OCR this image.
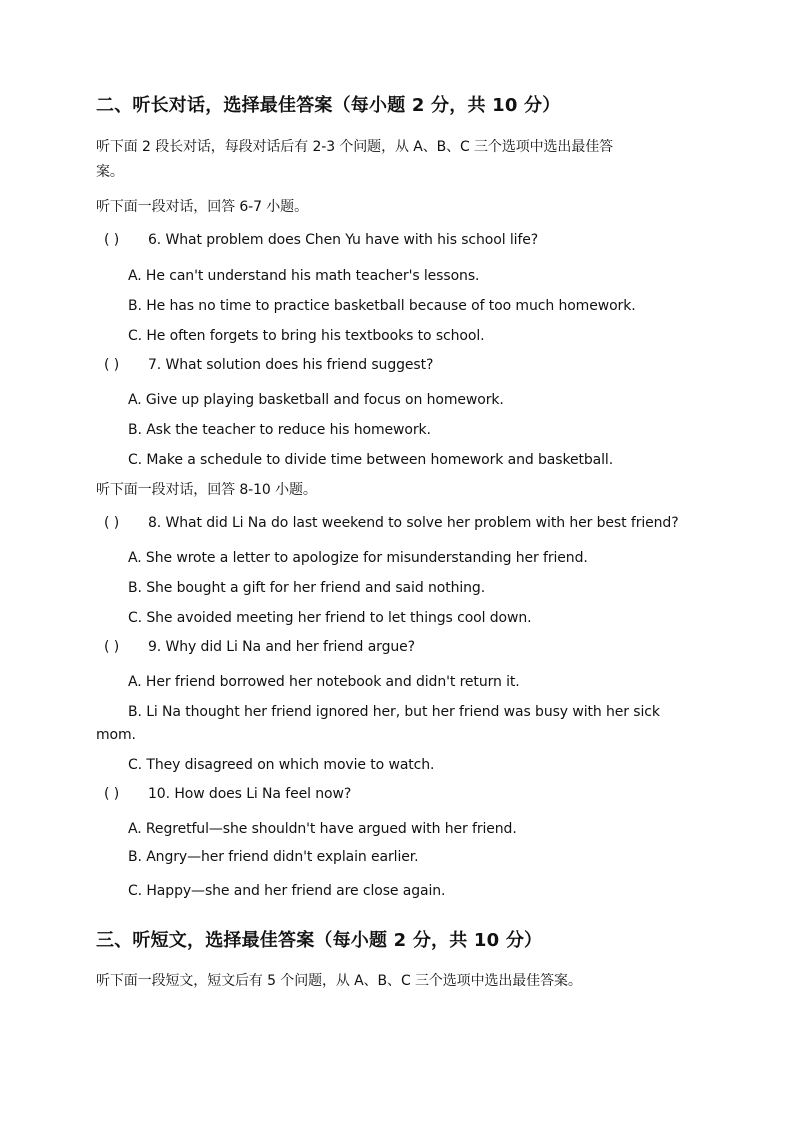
二、听长对话，选择最佳答案（每小题 2 分，共 10 分）
听下面 2 段长对话，每段对话后有 2-3 个问题，从 A、B、C 三个选项中选出最佳答
案。
听下面一段对话，回答 6-7 小题。
( ) 6. What problem does Chen Yu have with his school life?
A. He can't understand his math teacher's lessons.
B. He has no time to practice basketball because of too much homework.
C. He often forgets to bring his textbooks to school.
( ) 7. What solution does his friend suggest?
A. Give up playing basketball and focus on homework.
B. Ask the teacher to reduce his homework.
C. Make a schedule to divide time between homework and basketball.
听下面一段对话，回答 8-10 小题。
( ) 8. What did Li Na do last weekend to solve her problem with her best friend?
A. She wrote a letter to apologize for misunderstanding her friend.
B. She bought a gift for her friend and said nothing.
C. She avoided meeting her friend to let things cool down.
( ) 9. Why did Li Na and her friend argue?
A. Her friend borrowed her notebook and didn't return it.
B. Li Na thought her friend ignored her, but her friend was busy with her sick
mom.
C. They disagreed on which movie to watch.
( ) 10. How does Li Na feel now?
A. Regretful—she shouldn't have argued with her friend.
B. Angry—her friend didn't explain earlier.
C. Happy—she and her friend are close again.
三、听短文，选择最佳答案（每小题 2 分，共 10 分）
听下面一段短文，短文后有 5 个问题，从 A、B、C 三个选项中选出最佳答案。
